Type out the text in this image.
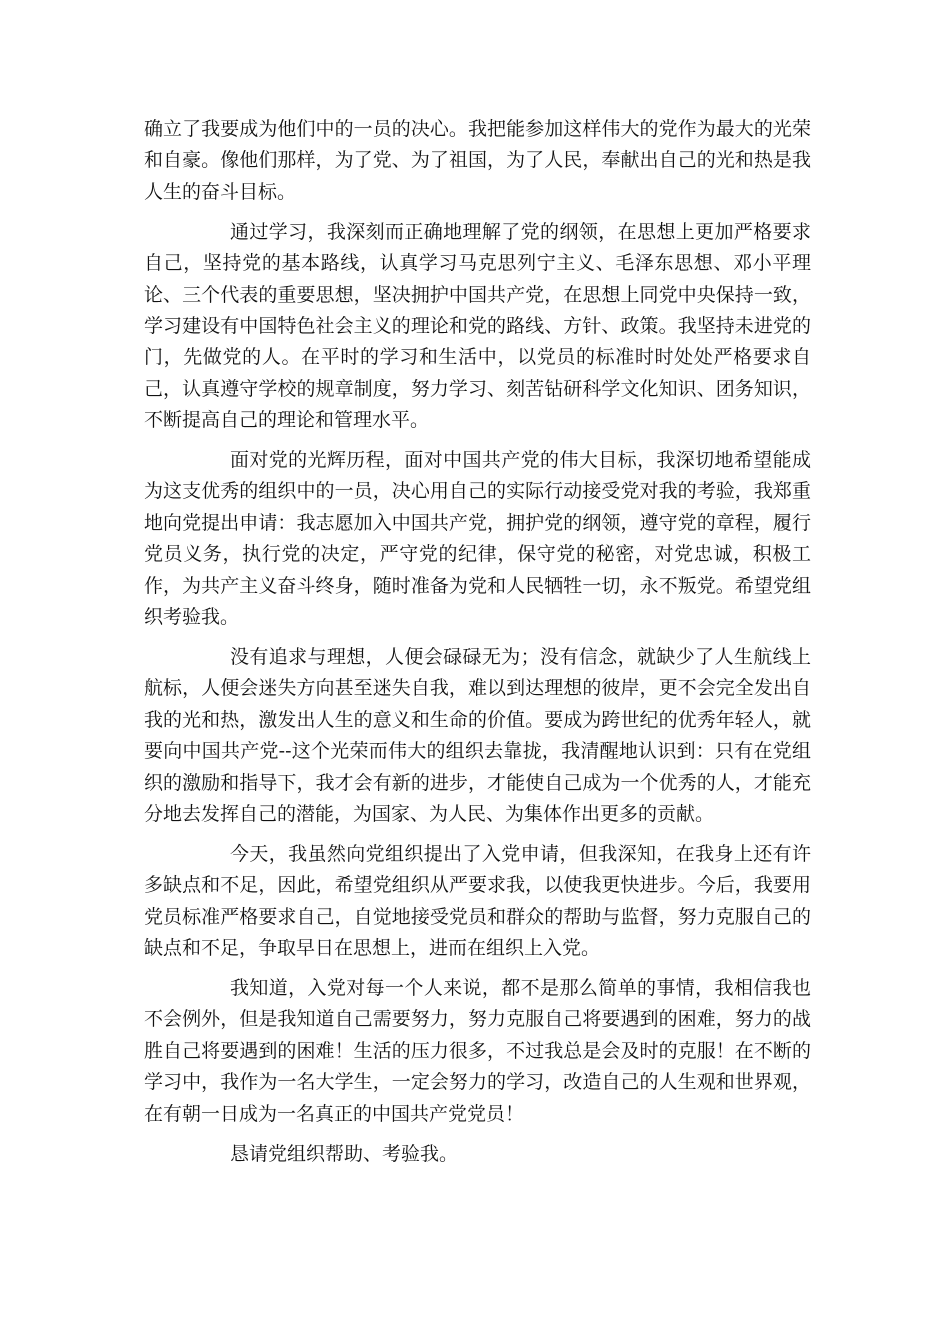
确立了我要成为他们中的一员的决心。我把能参加这样伟大的党作为最大的光荣和自豪。像他们那样，为了党、为了祖国，为了人民，奉献出自己的光和热是我人生的奋斗目标。

通过学习，我深刻而正确地理解了党的纲领，在思想上更加严格要求自己，坚持党的基本路线，认真学习马克思列宁主义、毛泽东思想、邓小平理论、三个代表的重要思想，坚决拥护中国共产党，在思想上同党中央保持一致，学习建设有中国特色社会主义的理论和党的路线、方针、政策。我坚持未进党的门，先做党的人。在平时的学习和生活中，以党员的标准时时处处严格要求自己，认真遵守学校的规章制度，努力学习、刻苦钻研科学文化知识、团务知识，不断提高自己的理论和管理水平。

面对党的光辉历程，面对中国共产党的伟大目标，我深切地希望能成为这支优秀的组织中的一员，决心用自己的实际行动接受党对我的考验，我郑重地向党提出申请：我志愿加入中国共产党，拥护党的纲领，遵守党的章程，履行党员义务，执行党的决定，严守党的纪律，保守党的秘密，对党忠诚，积极工作，为共产主义奋斗终身，随时准备为党和人民牺牲一切，永不叛党。希望党组织考验我。

没有追求与理想，人便会碌碌无为；没有信念，就缺少了人生航线上航标，人便会迷失方向甚至迷失自我，难以到达理想的彼岸，更不会完全发出自我的光和热，激发出人生的意义和生命的价值。要成为跨世纪的优秀年轻人，就要向中国共产党--这个光荣而伟大的组织去靠拢，我清醒地认识到：只有在党组织的激励和指导下，我才会有新的进步，才能使自己成为一个优秀的人，才能充分地去发挥自己的潜能，为国家、为人民、为集体作出更多的贡献。

今天，我虽然向党组织提出了入党申请，但我深知，在我身上还有许多缺点和不足，因此，希望党组织从严要求我，以使我更快进步。今后，我要用党员标准严格要求自己，自觉地接受党员和群众的帮助与监督，努力克服自己的缺点和不足，争取早日在思想上，进而在组织上入党。

我知道，入党对每一个人来说，都不是那么简单的事情，我相信我也不会例外，但是我知道自己需要努力，努力克服自己将要遇到的困难，努力的战胜自己将要遇到的困难！生活的压力很多，不过我总是会及时的克服！在不断的学习中，我作为一名大学生，一定会努力的学习，改造自己的人生观和世界观，在有朝一日成为一名真正的中国共产党党员！

恳请党组织帮助、考验我。
